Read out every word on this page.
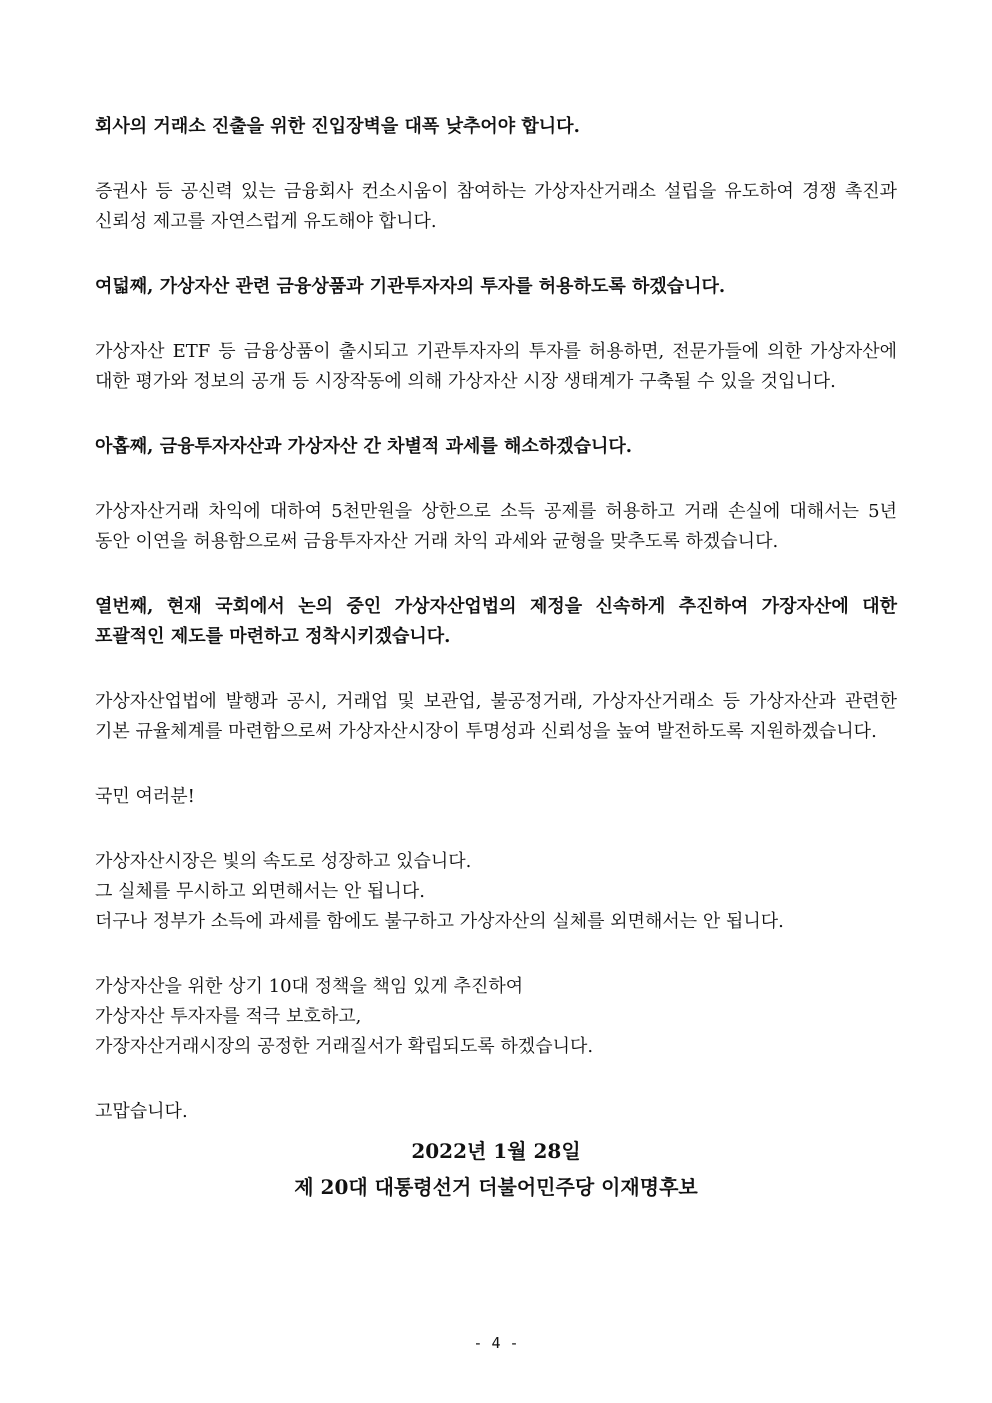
회사의 거래소 진출을 위한 진입장벽을 대폭 낮추어야 합니다.

증권사 등 공신력 있는 금융회사 컨소시움이 참여하는 가상자산거래소 설립을 유도하여 경쟁 촉진과 신뢰성 제고를 자연스럽게 유도해야 합니다.

여덟째, 가상자산 관련 금융상품과 기관투자자의 투자를 허용하도록 하겠습니다.

가상자산 ETF 등 금융상품이 출시되고 기관투자자의 투자를 허용하면, 전문가들에 의한 가상자산에 대한 평가와 정보의 공개 등 시장작동에 의해 가상자산 시장 생태계가 구축될 수 있을 것입니다.

아홉째, 금융투자자산과 가상자산 간 차별적 과세를 해소하겠습니다.

가상자산거래 차익에 대하여 5천만원을 상한으로 소득 공제를 허용하고 거래 손실에 대해서는 5년 동안 이연을 허용함으로써 금융투자자산 거래 차익 과세와 균형을 맞추도록 하겠습니다.

열번째, 현재 국회에서 논의 중인 가상자산업법의 제정을 신속하게 추진하여 가장자산에 대한 포괄적인 제도를 마련하고 정착시키겠습니다.

가상자산업법에 발행과 공시, 거래업 및 보관업, 불공정거래, 가상자산거래소 등 가상자산과 관련한 기본 규율체계를 마련함으로써 가상자산시장이 투명성과 신뢰성을 높여 발전하도록 지원하겠습니다.

국민 여러분!

가상자산시장은 빛의 속도로 성장하고 있습니다.

그 실체를 무시하고 외면해서는 안 됩니다.

더구나 정부가 소득에 과세를 함에도 불구하고 가상자산의 실체를 외면해서는 안 됩니다.

가상자산을 위한 상기 10대 정책을 책임 있게 추진하여

가상자산 투자자를 적극 보호하고,

가장자산거래시장의 공정한 거래질서가 확립되도록 하겠습니다.

고맙습니다.

2022년 1월 28일

제 20대 대통령선거 더불어민주당 이재명후보

- 4 -
